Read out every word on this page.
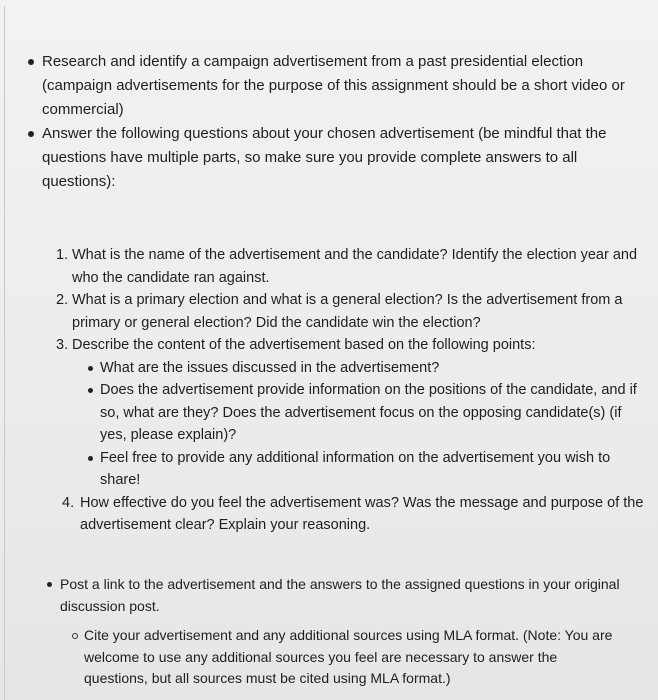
Research and identify a campaign advertisement from a past presidential election (campaign advertisements for the purpose of this assignment should be a short video or commercial)

Answer the following questions about your chosen advertisement (be mindful that the questions have multiple parts, so make sure you provide complete answers to all questions):

1. What is the name of the advertisement and the candidate? Identify the election year and who the candidate ran against.
2. What is a primary election and what is a general election? Is the advertisement from a primary or general election? Did the candidate win the election?
3. Describe the content of the advertisement based on the following points:
What are the issues discussed in the advertisement?
Does the advertisement provide information on the positions of the candidate, and if so, what are they? Does the advertisement focus on the opposing candidate(s) (if yes, please explain)?
Feel free to provide any additional information on the advertisement you wish to share!
4. How effective do you feel the advertisement was? Was the message and purpose of the advertisement clear? Explain your reasoning.
Post a link to the advertisement and the answers to the assigned questions in your original discussion post.
Cite your advertisement and any additional sources using MLA format. (Note: You are welcome to use any additional sources you feel are necessary to answer the questions, but all sources must be cited using MLA format.)
